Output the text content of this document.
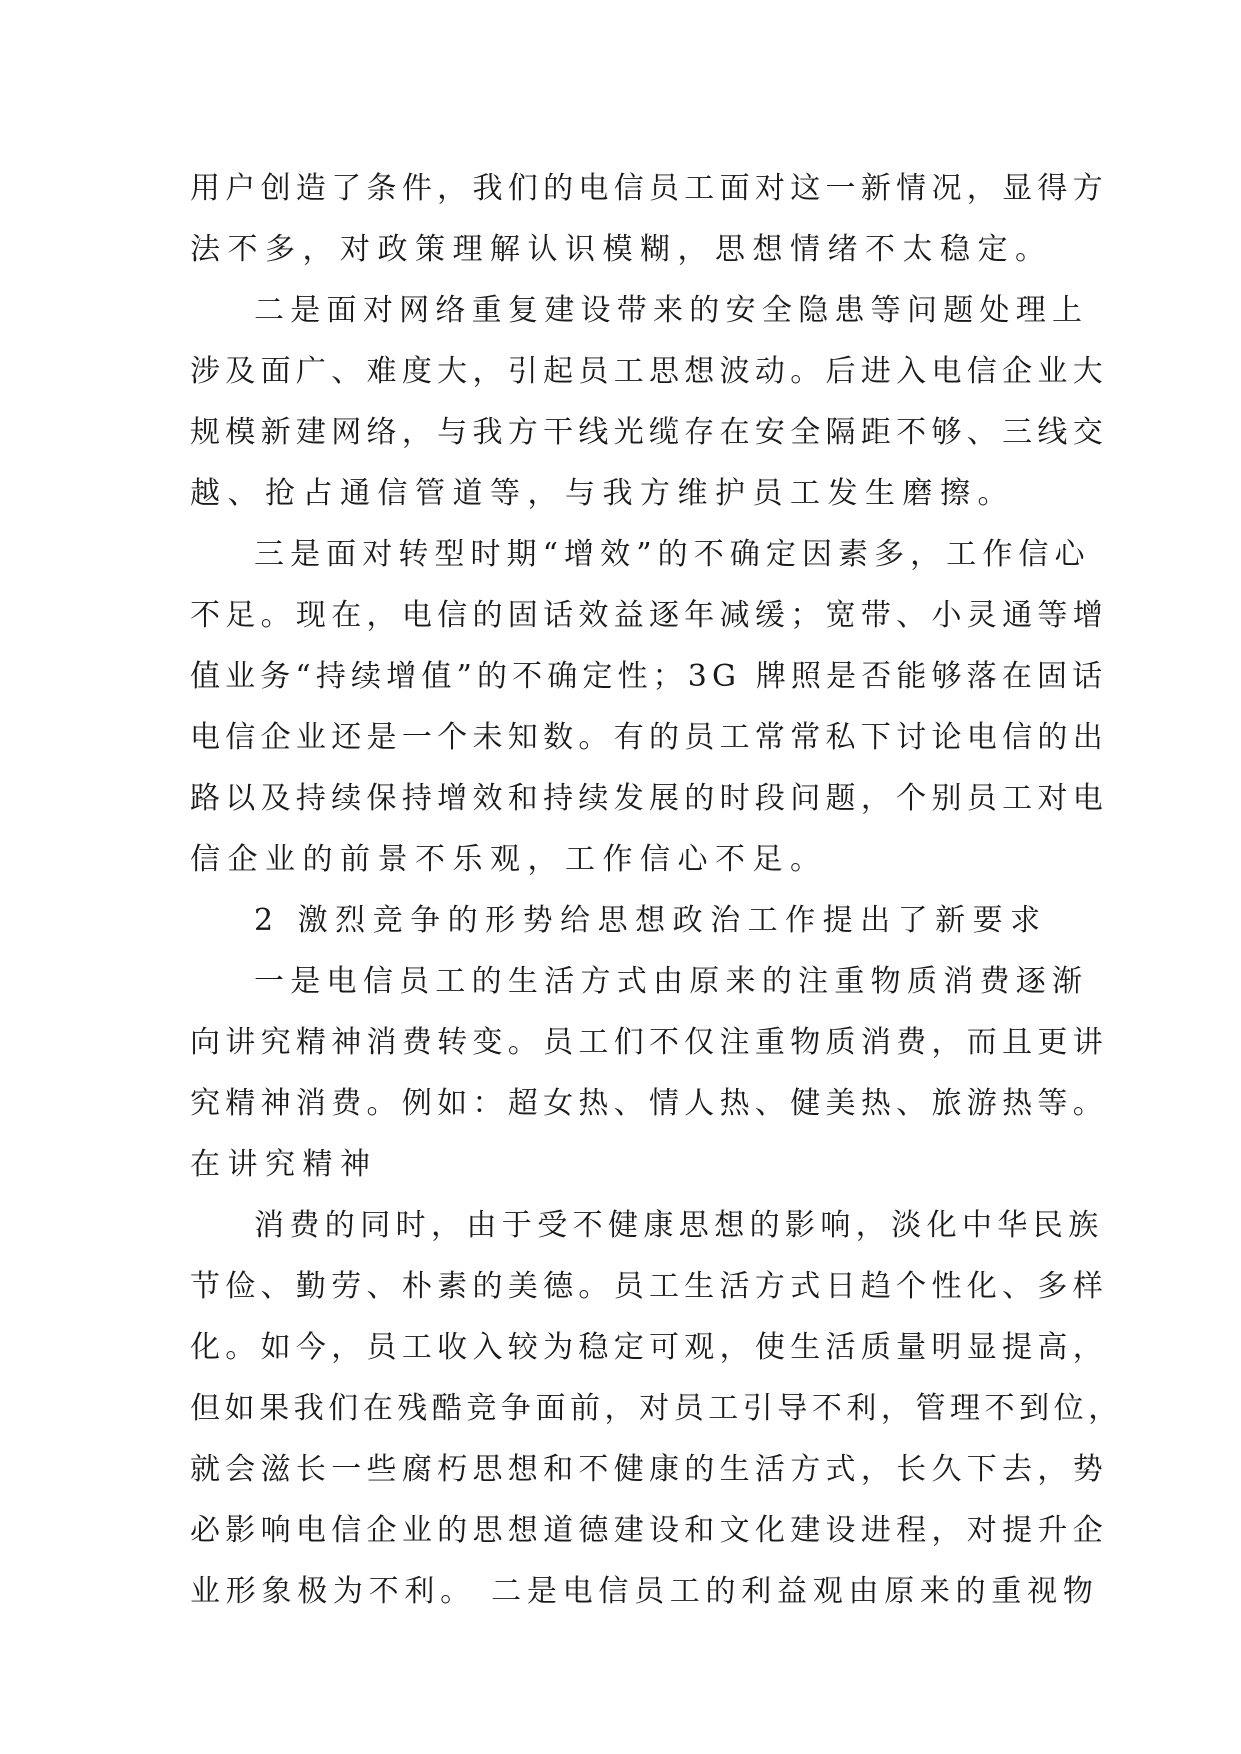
用户创造了条件，我们的电信员工面对这一新情况，显得方
法不多，对政策理解认识模糊，思想情绪不太稳定。
二是面对网络重复建设带来的安全隐患等问题处理上
涉及面广、难度大，引起员工思想波动。后进入电信企业大
规模新建网络，与我方干线光缆存在安全隔距不够、三线交
越、抢占通信管道等，与我方维护员工发生磨擦。
三是面对转型时期“增效”的不确定因素多，工作信心
不足。现在，电信的固话效益逐年减缓；宽带、小灵通等增
值业务“持续增值”的不确定性；3G 牌照是否能够落在固话
电信企业还是一个未知数。有的员工常常私下讨论电信的出
路以及持续保持增效和持续发展的时段问题，个别员工对电
信企业的前景不乐观，工作信心不足。
2 激烈竞争的形势给思想政治工作提出了新要求
一是电信员工的生活方式由原来的注重物质消费逐渐
向讲究精神消费转变。员工们不仅注重物质消费，而且更讲
究精神消费。例如：超女热、情人热、健美热、旅游热等。
在讲究精神
消费的同时，由于受不健康思想的影响，淡化中华民族
节俭、勤劳、朴素的美德。员工生活方式日趋个性化、多样
化。如今，员工收入较为稳定可观，使生活质量明显提高，
但如果我们在残酷竞争面前，对员工引导不利，管理不到位，
就会滋长一些腐朽思想和不健康的生活方式，长久下去，势
必影响电信企业的思想道德建设和文化建设进程，对提升企
业形象极为不利。 二是电信员工的利益观由原来的重视物
